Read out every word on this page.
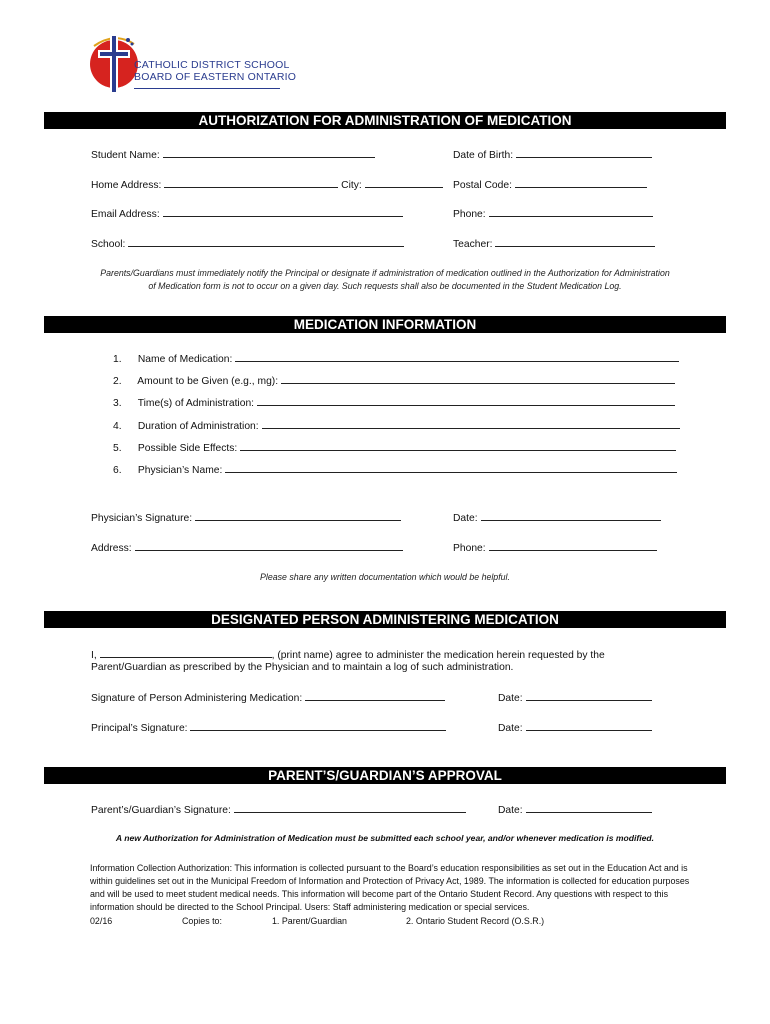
CATHOLIC DISTRICT SCHOOL
BOARD OF EASTERN ONTARIO
AUTHORIZATION FOR ADMINISTRATION OF MEDICATION
Student Name:	Date of Birth:
Home Address:	City:	Postal Code:
Email Address:	Phone:
School:	Teacher:
Parents/Guardians must immediately notify the Principal or designate if administration of medication outlined in the Authorization for Administration of Medication form is not to occur on a given day. Such requests shall also be documented in the Student Medication Log.
MEDICATION INFORMATION
1. Name of Medication:
2. Amount to be Given (e.g., mg):
3. Time(s) of Administration:
4. Duration of Administration:
5. Possible Side Effects:
6. Physician’s Name:
Physician’s Signature:	Date:
Address:	Phone:
Please share any written documentation which would be helpful.
DESIGNATED PERSON ADMINISTERING MEDICATION
I,	, (print name) agree to administer the medication herein requested by the
Parent/Guardian as prescribed by the Physician and to maintain a log of such administration.
Signature of Person Administering Medication:	Date:
Principal’s Signature:	Date:
PARENT’S/GUARDIAN’S APPROVAL
Parent’s/Guardian’s Signature:	Date:
A new Authorization for Administration of Medication must be submitted each school year, and/or whenever medication is modified.
Information Collection Authorization: This information is collected pursuant to the Board’s education responsibilities as set out in the Education Act and is within guidelines set out in the Municipal Freedom of Information and Protection of Privacy Act, 1989. The information is collected for education purposes and will be used to meet student medical needs. This information will become part of the Ontario Student Record. Any questions with respect to this information should be directed to the School Principal. Users: Staff administering medication or special services.
02/16	Copies to:	1. Parent/Guardian	2. Ontario Student Record (O.S.R.)
